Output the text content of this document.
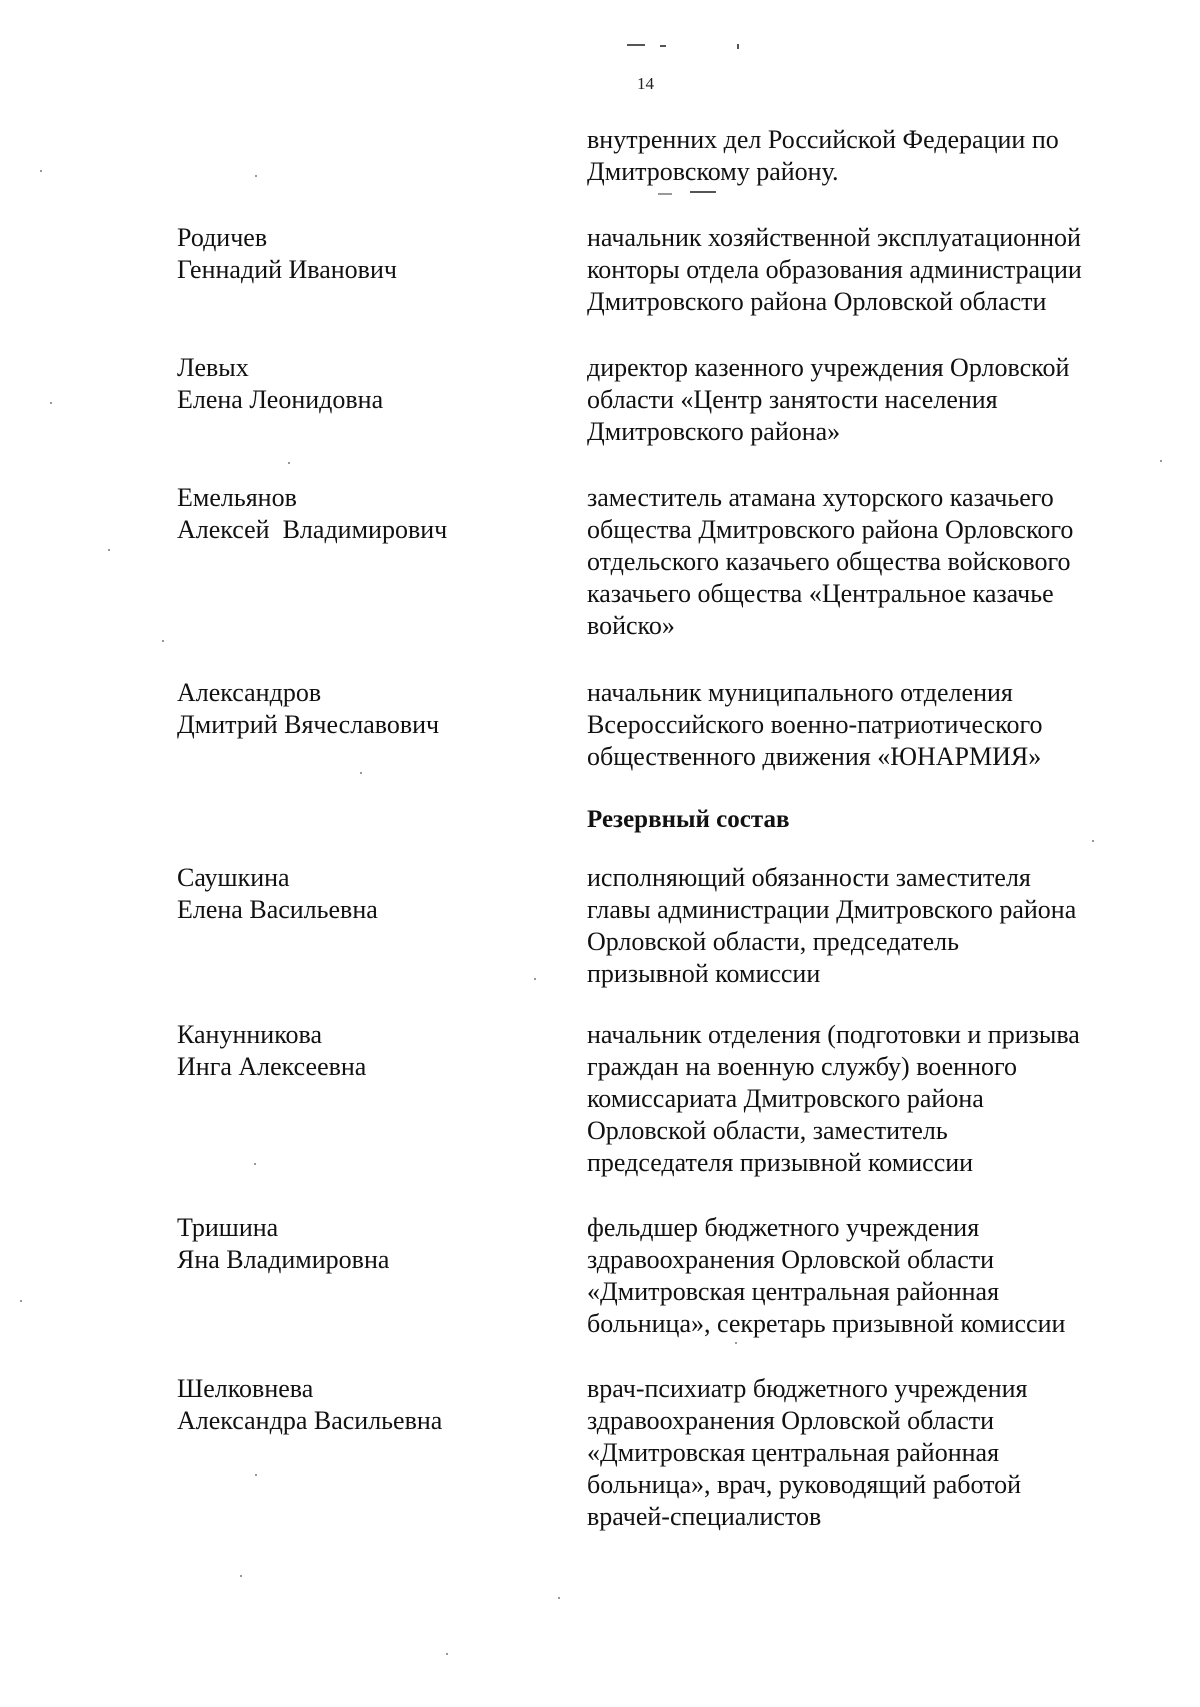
14
внутренних дел Российской Федерации по
Дмитровскому району.
Родичев
Геннадий Иванович
начальник хозяйственной эксплуатационной
конторы отдела образования администрации
Дмитровского района Орловской области
Левых
Елена Леонидовна
директор казенного учреждения Орловской
области «Центр занятости населения
Дмитровского района»
Емельянов
Алексей  Владимирович
заместитель атамана хуторского казачьего
общества Дмитровского района Орловского
отдельского казачьего общества войскового
казачьего общества «Центральное казачье
войско»
Александров
Дмитрий Вячеславович
начальник муниципального отделения
Всероссийского военно-патриотического
общественного движения «ЮНАРМИЯ»
Резервный состав
Саушкина
Елена Васильевна
исполняющий обязанности заместителя
главы администрации Дмитровского района
Орловской области, председатель
призывной комиссии
Канунникова
Инга Алексеевна
начальник отделения (подготовки и призыва
граждан на военную службу) военного
комиссариата Дмитровского района
Орловской области, заместитель
председателя призывной комиссии
Тришина
Яна Владимировна
фельдшер бюджетного учреждения
здравоохранения Орловской области
«Дмитровская центральная районная
больница», секретарь призывной комиссии
Шелковнева
Александра Васильевна
врач-психиатр бюджетного учреждения
здравоохранения Орловской области
«Дмитровская центральная районная
больница», врач, руководящий работой
врачей-специалистов
